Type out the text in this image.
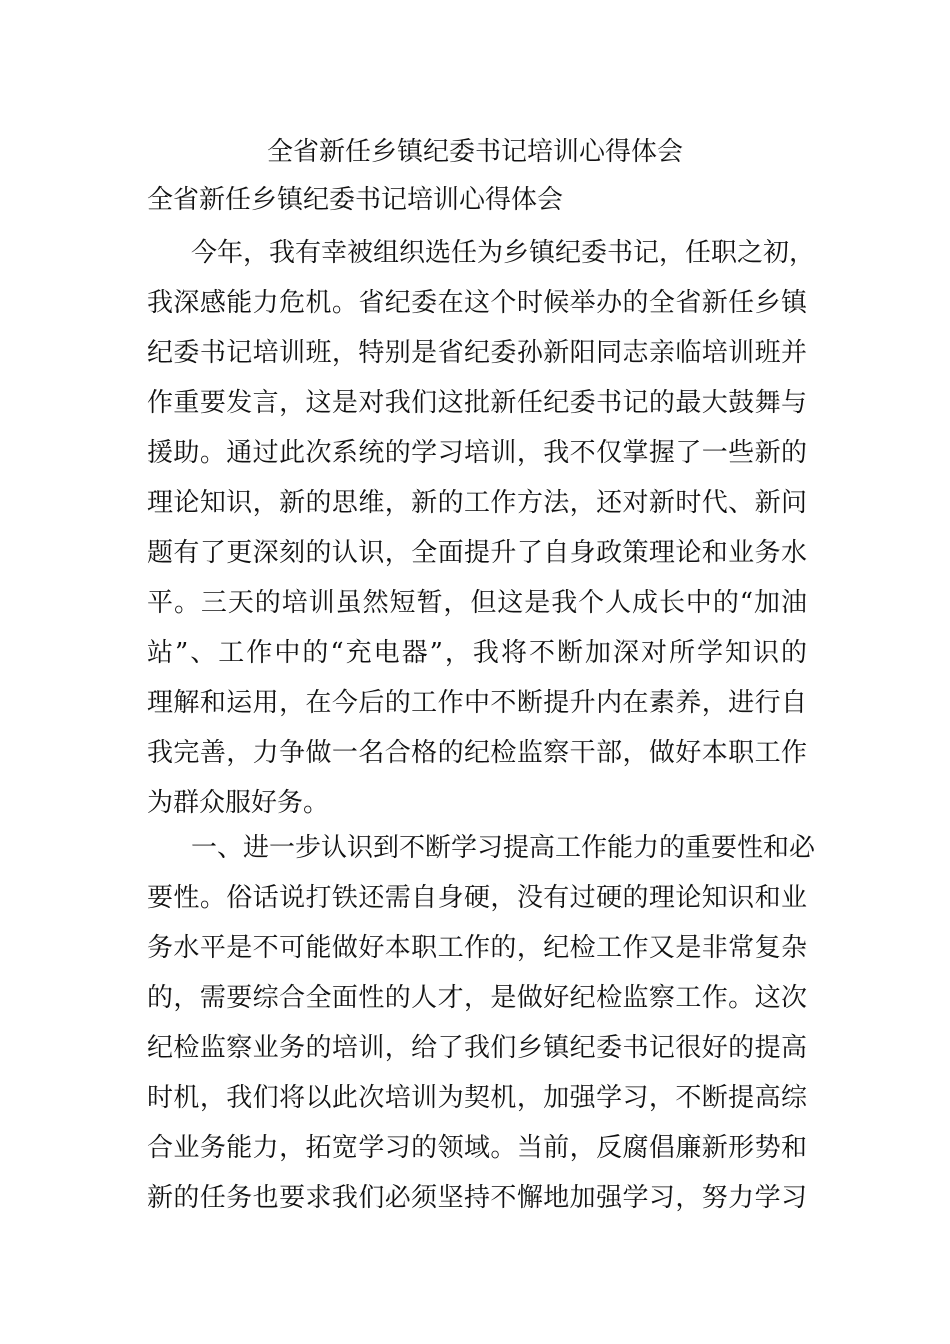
全省新任乡镇纪委书记培训心得体会
全省新任乡镇纪委书记培训心得体会
今年，我有幸被组织选任为乡镇纪委书记，任职之初，
我深感能力危机。省纪委在这个时候举办的全省新任乡镇
纪委书记培训班，特别是省纪委孙新阳同志亲临培训班并
作重要发言，这是对我们这批新任纪委书记的最大鼓舞与
援助。通过此次系统的学习培训，我不仅掌握了一些新的
理论知识，新的思维，新的工作方法，还对新时代、新问
题有了更深刻的认识，全面提升了自身政策理论和业务水
平。三天的培训虽然短暂，但这是我个人成长中的“加油
站”、工作中的“充电器”，我将不断加深对所学知识的
理解和运用，在今后的工作中不断提升内在素养，进行自
我完善，力争做一名合格的纪检监察干部，做好本职工作
为群众服好务。
一、进一步认识到不断学习提高工作能力的重要性和必
要性。俗话说打铁还需自身硬，没有过硬的理论知识和业
务水平是不可能做好本职工作的，纪检工作又是非常复杂
的，需要综合全面性的人才，是做好纪检监察工作。这次
纪检监察业务的培训，给了我们乡镇纪委书记很好的提高
时机，我们将以此次培训为契机，加强学习，不断提高综
合业务能力，拓宽学习的领域。当前，反腐倡廉新形势和
新的任务也要求我们必须坚持不懈地加强学习，努力学习
